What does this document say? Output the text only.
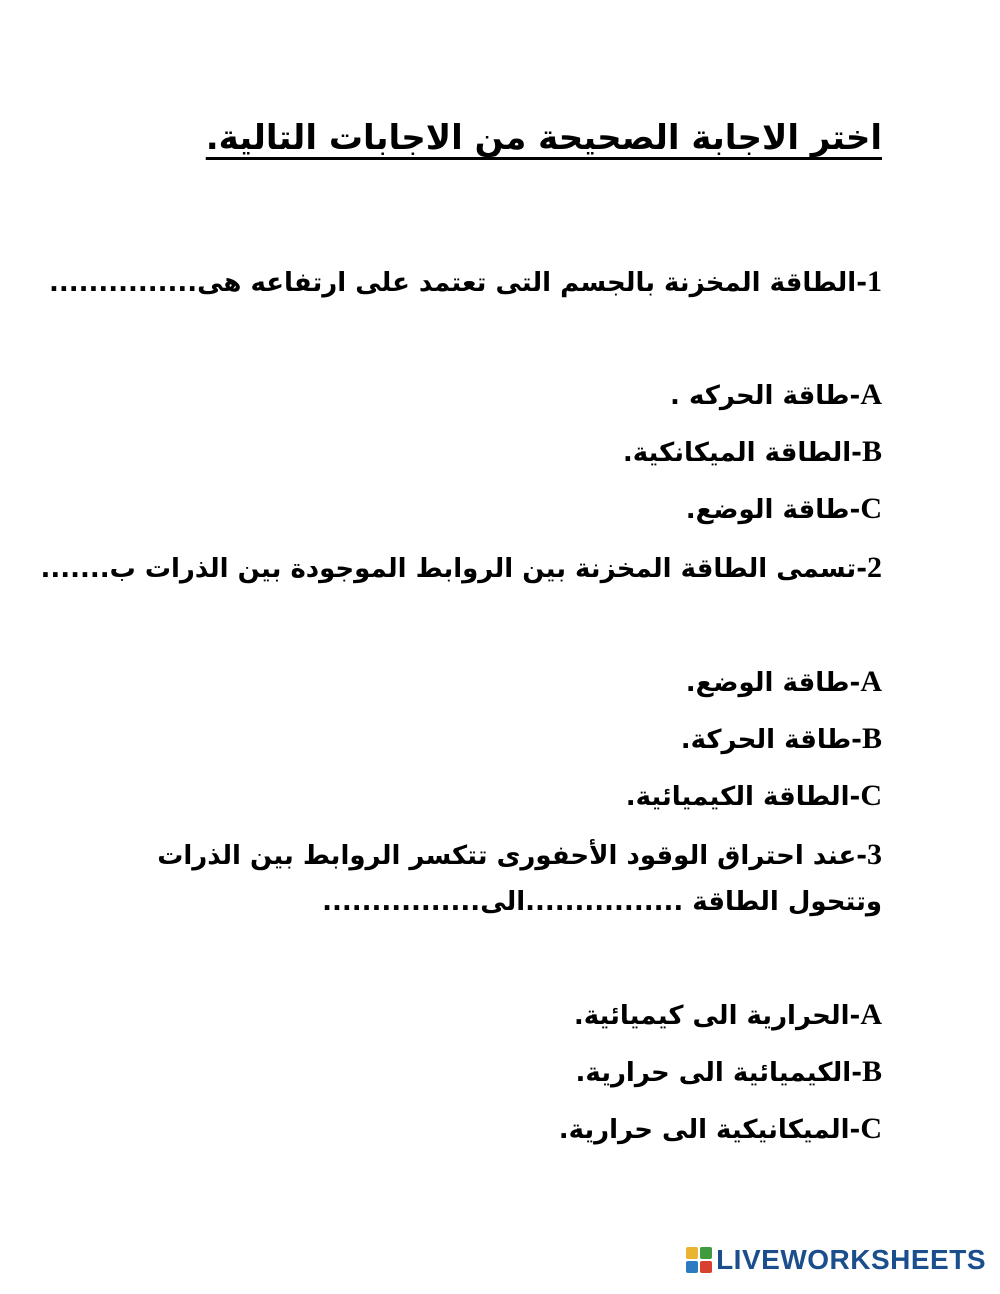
اختر الاجابة الصحيحة من الاجابات التالية.
1-الطاقة المخزنة بالجسم التى تعتمد على ارتفاعه هى...............
A-طاقة الحركه .
B-الطاقة الميكانكية.
C-طاقة الوضع.
2-تسمى الطاقة المخزنة بين الروابط الموجودة بين الذرات ب.......
A-طاقة الوضع.
B-طاقة الحركة.
C-الطاقة الكيميائية.
3-عند احتراق الوقود الأحفورى تتكسر الروابط بين الذرات وتتحول الطاقة ................الى................
A-الحرارية الى كيميائية.
B-الكيميائية الى حرارية.
C-الميكانيكية الى حرارية.
LIVEWORKSHEETS
